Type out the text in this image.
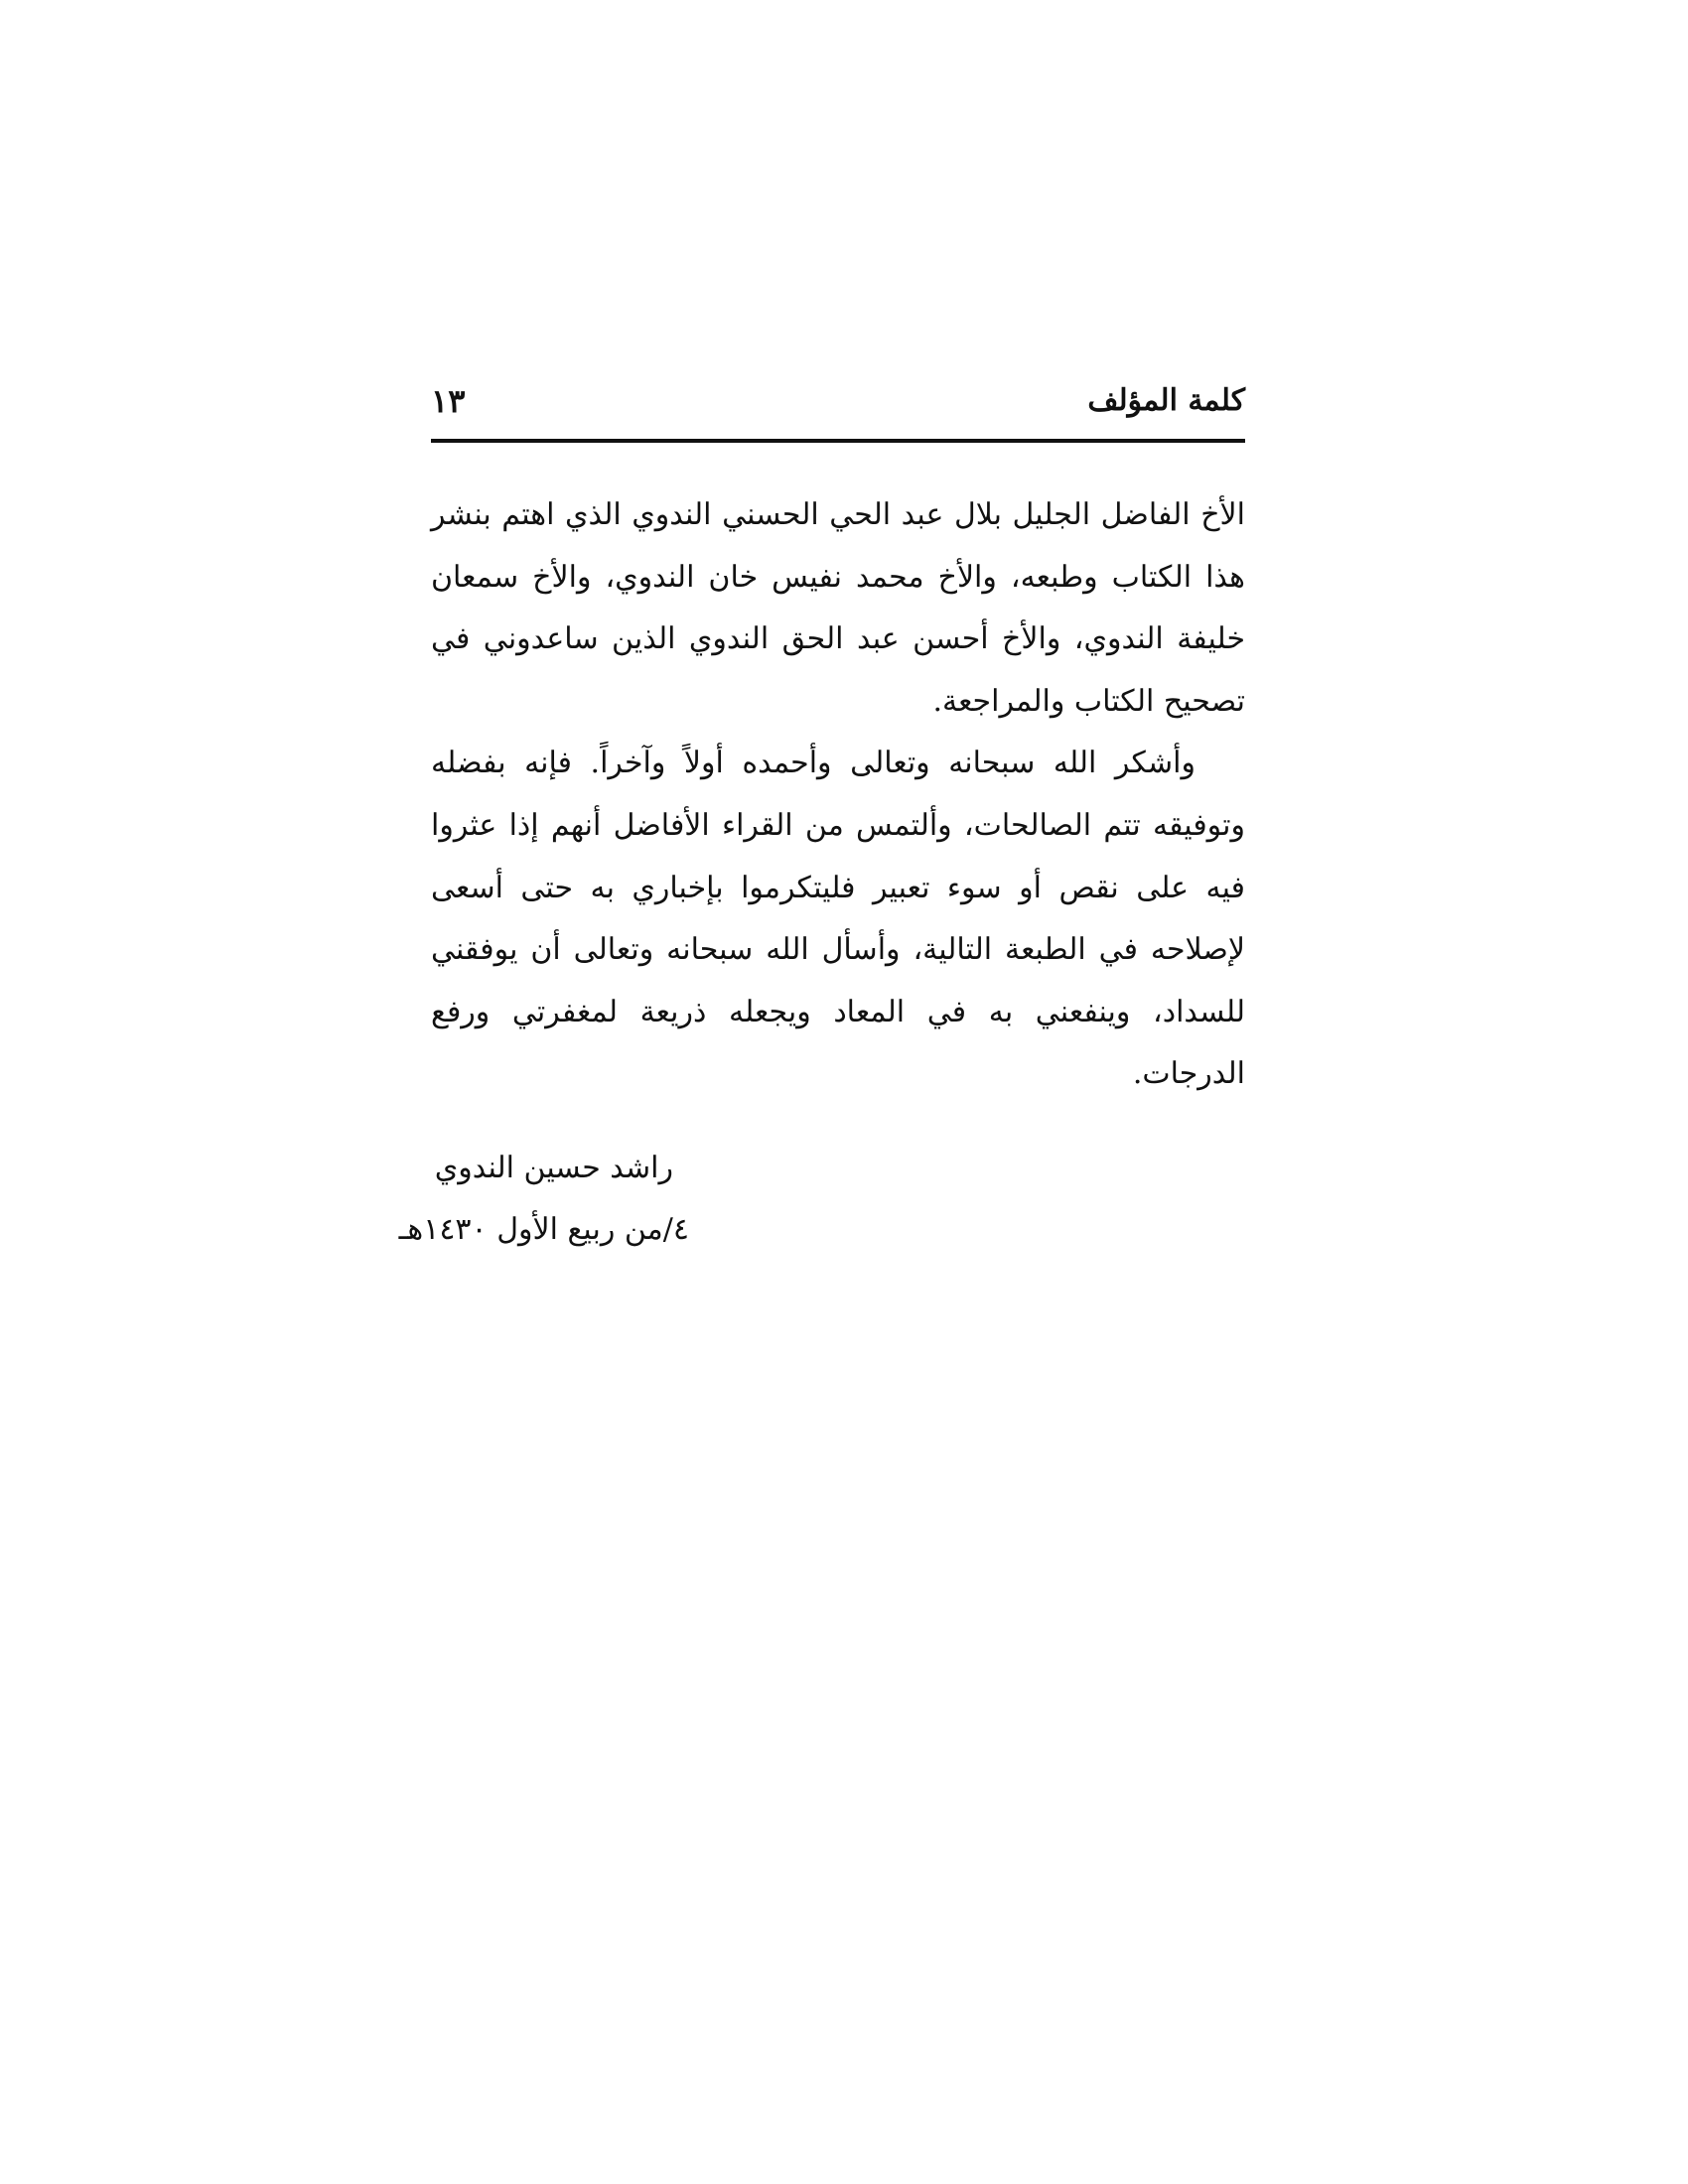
كلمة المؤلف
١٣

الأخ الفاضل الجليل بلال عبد الحي الحسني الندوي الذي اهتم بنشر هذا الكتاب وطبعه، والأخ محمد نفيس خان الندوي، والأخ سمعان خليفة الندوي، والأخ أحسن عبد الحق الندوي الذين ساعدوني في تصحيح الكتاب والمراجعة.

وأشكر الله سبحانه وتعالى وأحمده أولاً وآخراً. فإنه بفضله وتوفيقه تتم الصالحات، وألتمس من القراء الأفاضل أنهم إذا عثروا فيه على نقص أو سوء تعبير فليتكرموا بإخباري به حتى أسعى لإصلاحه في الطبعة التالية، وأسأل الله سبحانه وتعالى أن يوفقني للسداد، وينفعني به في المعاد ويجعله ذريعة لمغفرتي ورفع الدرجات.

راشد حسين الندوي
٤/من ربيع الأول ١٤٣٠هـ
